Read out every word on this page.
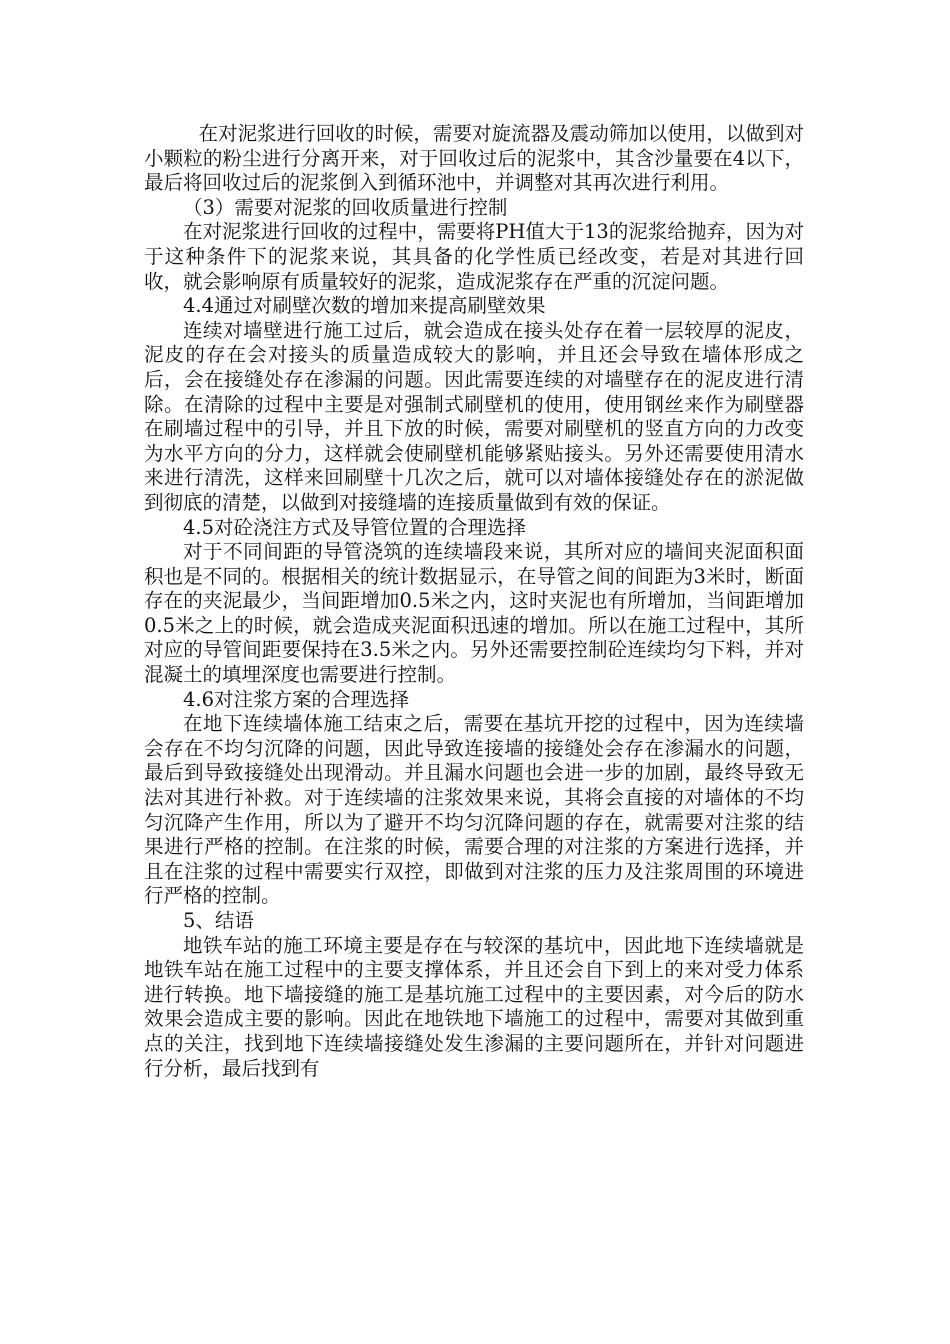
在对泥浆进行回收的时候，需要对旋流器及震动筛加以使用，以做到对小颗粒的粉尘进行分离开来，对于回收过后的泥浆中，其含沙量要在4以下，最后将回收过后的泥浆倒入到循环池中，并调整对其再次进行利用。

（3）需要对泥浆的回收质量进行控制

在对泥浆进行回收的过程中，需要将PH值大于13的泥浆给抛弃，因为对于这种条件下的泥浆来说，其具备的化学性质已经改变，若是对其进行回收，就会影响原有质量较好的泥浆，造成泥浆存在严重的沉淀问题。

4.4通过对刷壁次数的增加来提高刷壁效果

连续对墙壁进行施工过后，就会造成在接头处存在着一层较厚的泥皮，泥皮的存在会对接头的质量造成较大的影响，并且还会导致在墙体形成之后，会在接缝处存在渗漏的问题。因此需要连续的对墙壁存在的泥皮进行清除。在清除的过程中主要是对强制式刷壁机的使用，使用钢丝来作为刷壁器在刷墙过程中的引导，并且下放的时候，需要对刷壁机的竖直方向的力改变为水平方向的分力，这样就会使刷壁机能够紧贴接头。另外还需要使用清水来进行清洗，这样来回刷壁十几次之后，就可以对墙体接缝处存在的淤泥做到彻底的清楚，以做到对接缝墙的连接质量做到有效的保证。

4.5对砼浇注方式及导管位置的合理选择

对于不同间距的导管浇筑的连续墙段来说，其所对应的墙间夹泥面积面积也是不同的。根据相关的统计数据显示，在导管之间的间距为3米时，断面存在的夹泥最少，当间距增加0.5米之内，这时夹泥也有所增加，当间距增加0.5米之上的时候，就会造成夹泥面积迅速的增加。所以在施工过程中，其所对应的导管间距要保持在3.5米之内。另外还需要控制砼连续均匀下料，并对混凝土的填埋深度也需要进行控制。

4.6对注浆方案的合理选择

在地下连续墙体施工结束之后，需要在基坑开挖的过程中，因为连续墙会存在不均匀沉降的问题，因此导致连接墙的接缝处会存在渗漏水的问题，最后到导致接缝处出现滑动。并且漏水问题也会进一步的加剧，最终导致无法对其进行补救。对于连续墙的注浆效果来说，其将会直接的对墙体的不均匀沉降产生作用，所以为了避开不均匀沉降问题的存在，就需要对注浆的结果进行严格的控制。在注浆的时候，需要合理的对注浆的方案进行选择，并且在注浆的过程中需要实行双控，即做到对注浆的压力及注浆周围的环境进行严格的控制。

5、结语

地铁车站的施工环境主要是存在与较深的基坑中，因此地下连续墙就是地铁车站在施工过程中的主要支撑体系，并且还会自下到上的来对受力体系进行转换。地下墙接缝的施工是基坑施工过程中的主要因素，对今后的防水效果会造成主要的影响。因此在地铁地下墙施工的过程中，需要对其做到重点的关注，找到地下连续墙接缝处发生渗漏的主要问题所在，并针对问题进行分析，最后找到有
